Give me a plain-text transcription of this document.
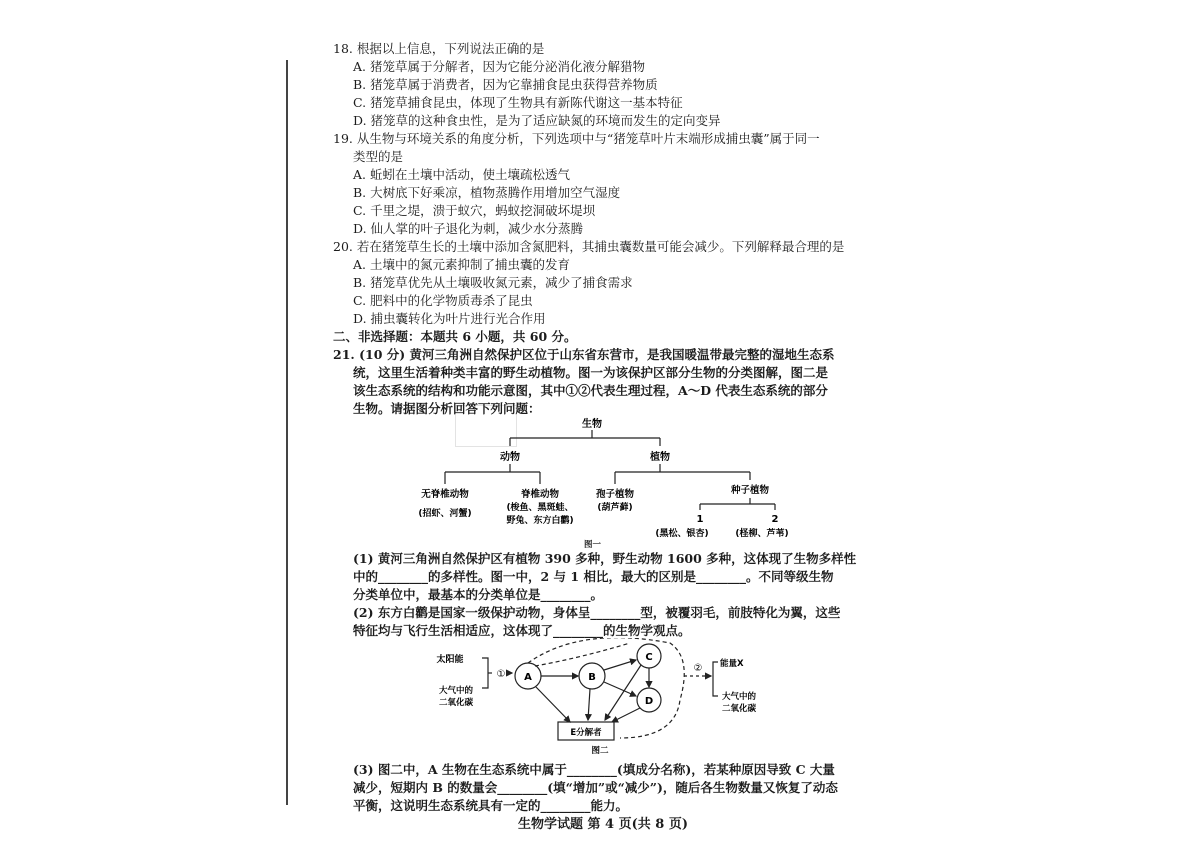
18. 根据以上信息，下列说法正确的是
A. 猪笼草属于分解者，因为它能分泌消化液分解猎物
B. 猪笼草属于消费者，因为它靠捕食昆虫获得营养物质
C. 猪笼草捕食昆虫，体现了生物具有新陈代谢这一基本特征
D. 猪笼草的这种食虫性，是为了适应缺氮的环境而发生的定向变异
19. 从生物与环境关系的角度分析，下列选项中与“猪笼草叶片末端形成捕虫囊”属于同一
类型的是
A. 蚯蚓在土壤中活动，使土壤疏松透气
B. 大树底下好乘凉，植物蒸腾作用增加空气湿度
C. 千里之堤，溃于蚁穴，蚂蚁挖洞破坏堤坝
D. 仙人掌的叶子退化为刺，减少水分蒸腾
20. 若在猪笼草生长的土壤中添加含氮肥料，其捕虫囊数量可能会减少。下列解释最合理的是
A. 土壤中的氮元素抑制了捕虫囊的发育
B. 猪笼草优先从土壤吸收氮元素，减少了捕食需求
C. 肥料中的化学物质毒杀了昆虫
D. 捕虫囊转化为叶片进行光合作用
二、非选择题：本题共 6 小题，共 60 分。
21. (10 分) 黄河三角洲自然保护区位于山东省东营市，是我国暖温带最完整的湿地生态系
统，这里生活着种类丰富的野生动植物。图一为该保护区部分生物的分类图解，图二是
该生态系统的结构和功能示意图，其中①②代表生理过程，A～D 代表生态系统的部分
生物。请据图分析回答下列问题：
生物
动物	植物
无脊椎动物
(招虾、河蟹)
脊椎动物
(梭鱼、黑斑蛙、
野兔、东方白鹳)
孢子植物
(葫芦藓)
种子植物
1	2
(黑松、银杏)	(柽柳、芦苇)
图一
(1) 黄河三角洲自然保护区有植物 390 多种，野生动物 1600 多种，这体现了生物多样性
中的________的多样性。图一中，2 与 1 相比，最大的区别是________。不同等级生物
分类单位中，最基本的分类单位是________。
(2) 东方白鹳是国家一级保护动物，身体呈________型，被覆羽毛，前肢特化为翼，这些
特征均与飞行生活相适应，这体现了________的生物学观点。
太阳能
大气中的
二氧化碳
① A	B
C
D
E分解者
② 能量X
大气中的
二氧化碳
图二
(3) 图二中，A 生物在生态系统中属于________(填成分名称)，若某种原因导致 C 大量
减少，短期内 B 的数量会________(填“增加”或“减少”)，随后各生物数量又恢复了动态
平衡，这说明生态系统具有一定的________能力。
生物学试题 第 4 页(共 8 页)
